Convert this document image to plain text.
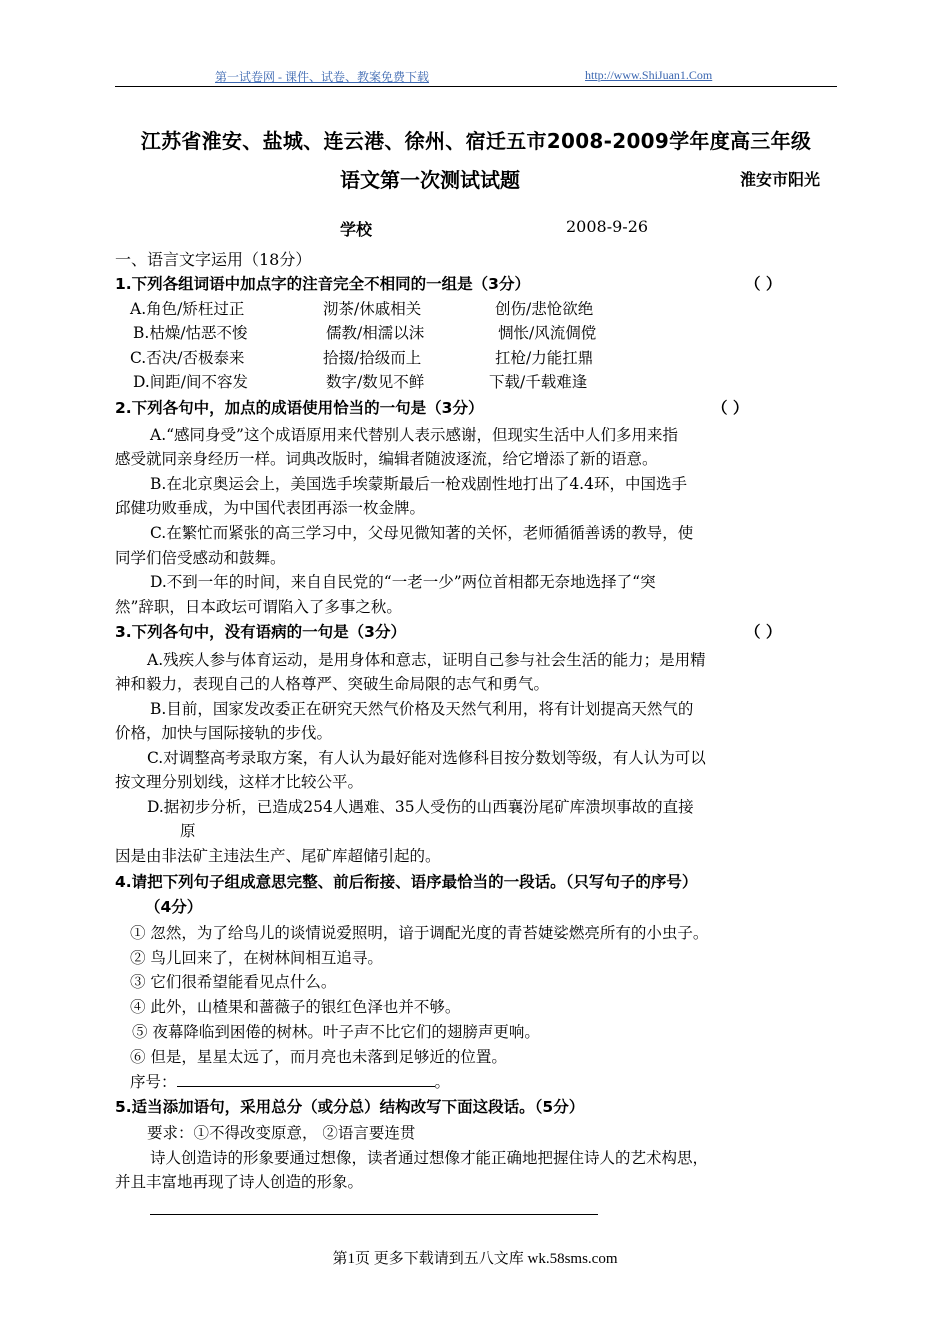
第一试卷网 - 课件、试卷、教案免费下载	http://www.ShiJuan1.Com
江苏省淮安、盐城、连云港、徐州、宿迁五市2008-2009学年度高三年级
语文第一次测试试题	淮安市阳光
学校	2008-9-26
一、语言文字运用（18分）
1.下列各组词语中加点字的注音完全不相同的一组是（3分）	（ ）
A.角色/矫枉过正	沏茶/休戚相关	创伤/悲怆欲绝
B.枯燥/怙恶不悛	儒教/相濡以沫	惆怅/风流倜傥
C.否决/否极泰来	拾掇/拾级而上	扛枪/力能扛鼎
D.间距/间不容发	数字/数见不鲜	下载/千载难逢
2.下列各句中，加点的成语使用恰当的一句是（3分）	（ ）
A.“感同身受”这个成语原用来代替别人表示感谢，但现实生活中人们多用来指
感受就同亲身经历一样。词典改版时，编辑者随波逐流，给它增添了新的语意。
B.在北京奥运会上，美国选手埃蒙斯最后一枪戏剧性地打出了4.4环，中国选手
邱健功败垂成，为中国代表团再添一枚金牌。
C.在繁忙而紧张的高三学习中，父母见微知著的关怀，老师循循善诱的教导，使
同学们倍受感动和鼓舞。
D.不到一年的时间，来自自民党的“一老一少”两位首相都无奈地选择了“突
然”辞职，日本政坛可谓陷入了多事之秋。
3.下列各句中，没有语病的一句是（3分）	（ ）
A.残疾人参与体育运动，是用身体和意志，证明自己参与社会生活的能力；是用精
神和毅力，表现自己的人格尊严、突破生命局限的志气和勇气。
B.目前，国家发改委正在研究天然气价格及天然气利用，将有计划提高天然气的
价格，加快与国际接轨的步伐。
C.对调整高考录取方案，有人认为最好能对选修科目按分数划等级，有人认为可以
按文理分别划线，这样才比较公平。
D.据初步分析，已造成254人遇难、35人受伤的山西襄汾尾矿库溃坝事故的直接
原
因是由非法矿主违法生产、尾矿库超储引起的。
4.请把下列句子组成意思完整、前后衔接、语序最恰当的一段话。（只写句子的序号）
（4分）
① 忽然，为了给鸟儿的谈情说爱照明，谙于调配光度的青苔婕娑燃亮所有的小虫子。
② 鸟儿回来了，在树林间相互追寻。
③ 它们很希望能看见点什么。
④ 此外，山楂果和蔷薇子的银红色泽也并不够。
⑤ 夜幕降临到困倦的树林。叶子声不比它们的翅膀声更响。
⑥ 但是，星星太远了，而月亮也未落到足够近的位置。
序号：	。
5.适当添加语句，采用总分（或分总）结构改写下面这段话。（5分）
要求：①不得改变原意， ②语言要连贯
诗人创造诗的形象要通过想像，读者通过想像才能正确地把握住诗人的艺术构思，
并且丰富地再现了诗人创造的形象。
第1页 更多下载请到五八文库 wk.58sms.com
